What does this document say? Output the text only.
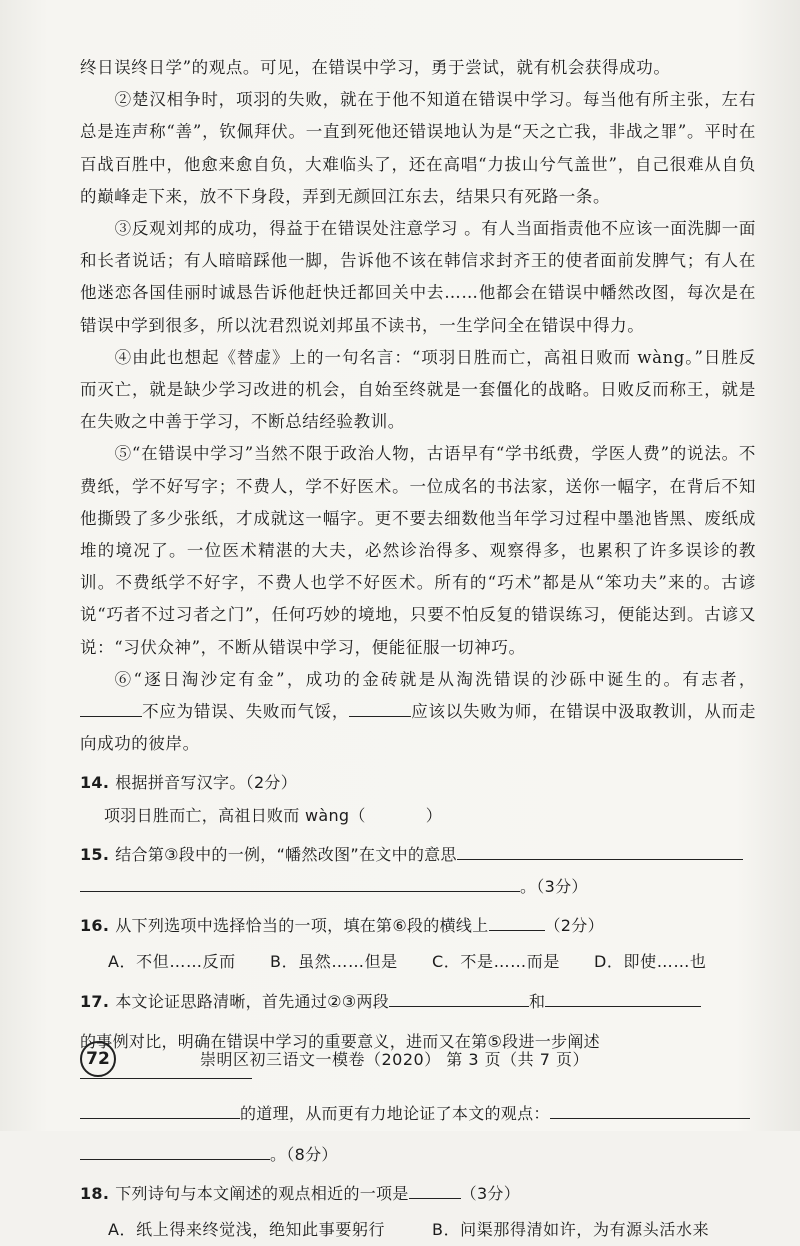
终日误终日学”的观点。可见，在错误中学习，勇于尝试，就有机会获得成功。

②楚汉相争时，项羽的失败，就在于他不知道在错误中学习。每当他有所主张，左右总是连声称“善”，钦佩拜伏。一直到死他还错误地认为是“天之亡我，非战之罪”。平时在百战百胜中，他愈来愈自负，大难临头了，还在高唱“力拔山兮气盖世”，自己很难从自负的巅峰走下来，放不下身段，弄到无颜回江东去，结果只有死路一条。

③反观刘邦的成功，得益于在错误处注意学习 。有人当面指责他不应该一面洗脚一面和长者说话；有人暗暗踩他一脚，告诉他不该在韩信求封齐王的使者面前发脾气；有人在他迷恋各国佳丽时诚恳告诉他赶快迁都回关中去……他都会在错误中幡然改图，每次是在错误中学到很多，所以沈君烈说刘邦虽不读书，一生学问全在错误中得力。

④由此也想起《替虚》上的一句名言：“项羽日胜而亡，高祖日败而 wàng。”日胜反而灭亡，就是缺少学习改进的机会，自始至终就是一套僵化的战略。日败反而称王，就是在失败之中善于学习，不断总结经验教训。

⑤“在错误中学习”当然不限于政治人物，古语早有“学书纸费，学医人费”的说法。不费纸，学不好写字；不费人，学不好医术。一位成名的书法家，送你一幅字，在背后不知他撕毁了多少张纸，才成就这一幅字。更不要去细数他当年学习过程中墨池皆黑、废纸成堆的境况了。一位医术精湛的大夫，必然诊治得多、观察得多，也累积了许多误诊的教训。不费纸学不好字，不费人也学不好医术。所有的“巧术”都是从“笨功夫”来的。古谚说“巧者不过习者之门”，任何巧妙的境地，只要不怕反复的错误练习，便能达到。古谚又说：“习伏众神”，不断从错误中学习，便能征服一切神巧。

⑥“逐日淘沙定有金”，成功的金砖就是从淘洗错误的沙砾中诞生的。有志者，不应为错误、失败而气馁，	应该以失败为师，在错误中汲取教训，从而走向成功的彼岸。

14. 根据拼音写汉字。（2分）
项羽日胜而亡，高祖日败而 wàng（	）
15. 结合第③段中的一例，“幡然改图”在文中的意思
。（3分）
16. 从下列选项中选择恰当的一项，填在第⑥段的横线上	（2分）
A．不但……反而	B．虽然……但是	C．不是……而是	D．即使……也
17. 本文论证思路清晰，首先通过②③两段	和
的事例对比，明确在错误中学习的重要意义，进而又在第⑤段进一步阐述
的道理，从而更有力地论证了本文的观点：
。（8分）
18. 下列诗句与本文阐述的观点相近的一项是	（3分）
A．纸上得来终觉浅，绝知此事要躬行	B．问渠那得清如许，为有源头活水来
72	崇明区初三语文一模卷（2020） 第 3 页（共 7 页）
